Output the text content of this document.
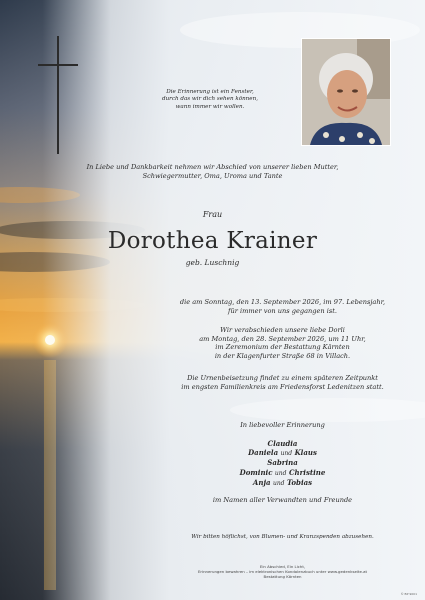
Die Erinnerung ist ein Fenster,
durch das wir dich sehen können,
wann immer wir wollen.
In Liebe und Dankbarkeit nehmen wir Abschied von unserer lieben Mutter,
Schwiegermutter, Oma, Uroma und Tante
Frau
Dorothea Krainer
geb. Luschnig
die am Sonntag, den 13. September 2026, im 97. Lebensjahr,
für immer von uns gegangen ist.
Wir verabschieden unsere liebe Dorli
am Montag, den 28. September 2026, um 11 Uhr,
im Zeremonium der Bestattung Kärnten
in der Klagenfurter Straße 68 in Villach.
Die Urnenbeisetzung findet zu einem späteren Zeitpunkt
im engsten Familienkreis am Friedensforst Ledenitzen statt.
In liebevoller Erinnerung
Claudia
Daniela und Klaus
Sabrina
Dominic und Christine
Anja und Tobias
im Namen aller Verwandten und Freunde
Wir bitten höflichst, von Blumen- und Kranzspenden abzusehen.
Ein Abschied, Ein Licht,
Erinnerungen bewahren – im elektronischen Kondolenzbuch unter www.gedenkseite.at
Bestattung Kärnten
© BP 9001
